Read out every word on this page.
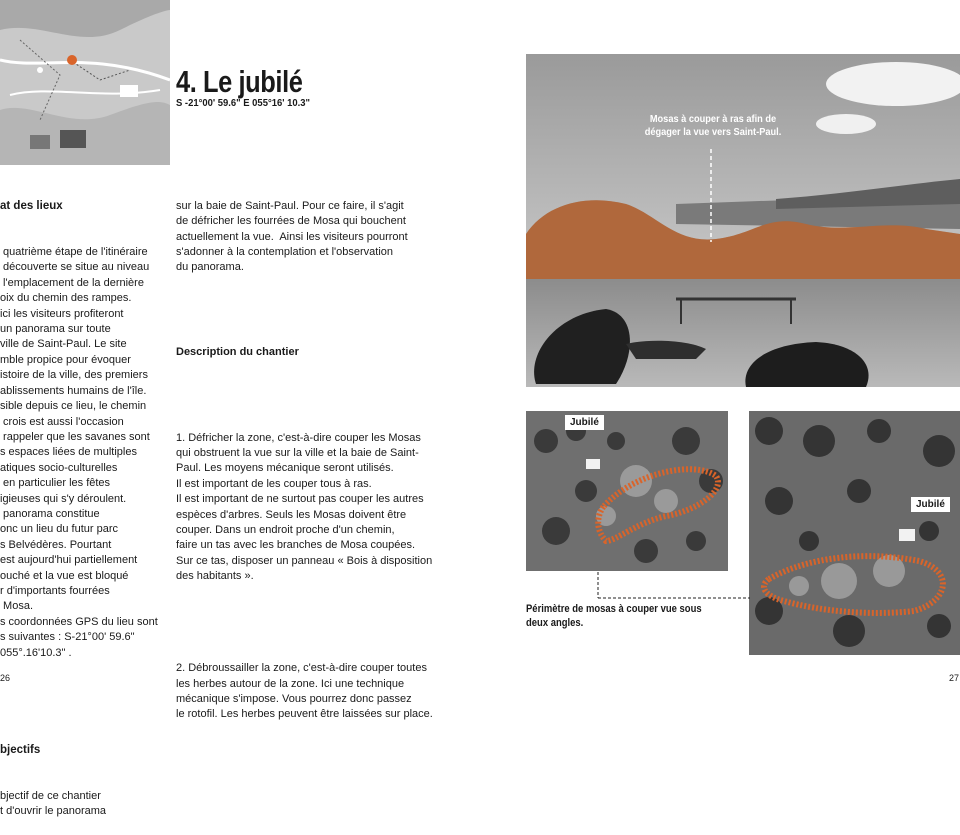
at des lieux

quatrième étape de l'itinéraire
découverte se situe au niveau
l'emplacement de la dernière
oix du chemin des rampes.
ici les visiteurs profiteront
un panorama sur toute
ville de Saint-Paul. Le site
mble propice pour évoquer
istoire de la ville, des premiers
ablissements humains de l'île.
sible depuis ce lieu, le chemin
crois est aussi l'occasion
rappeler que les savanes sont
s espaces liées de multiples
atiques socio-culturelles
en particulier les fêtes
igieuses qui s'y déroulent.
panorama constitue
onc un lieu du futur parc
s Belvédères. Pourtant
est aujourd'hui partiellement
ouché et la vue est bloqué
r d'importants fourrées
Mosa.
s coordonnées GPS du lieu sont
s suivantes : S-21°00' 59.6"
055°.16'10.3" .

bjectifs

bjectif de ce chantier
t d'ouvrir le panorama

26
4. Le jubilé
S -21°00' 59.6" E 055°16' 10.3"

sur la baie de Saint-Paul. Pour ce faire, il s'agit
de défricher les fourrées de Mosa qui bouchent
actuellement la vue.  Ainsi les visiteurs pourront
s'adonner à la contemplation et l'observation
du panorama.

Description du chantier

1. Défricher la zone, c'est-à-dire couper les Mosas
qui obstruent la vue sur la ville et la baie de Saint-
Paul. Les moyens mécanique seront utilisés.
Il est important de les couper tous à ras.
Il est important de ne surtout pas couper les autres
espèces d'arbres. Seuls les Mosas doivent être
couper. Dans un endroit proche d'un chemin,
faire un tas avec les branches de Mosa coupées.
Sur ce tas, disposer un panneau « Bois à disposition
des habitants ».

2. Débroussailler la zone, c'est-à-dire couper toutes
les herbes autour de la zone. Ici une technique
mécanique s'impose. Vous pourrez donc passez
le rotofil. Les herbes peuvent être laissées sur place.

Mosas à couper à ras afin de dégager la vue vers Saint-Paul.
Jubilé
Jubilé
Périmètre de mosas à couper vue sous
deux angles.
27
